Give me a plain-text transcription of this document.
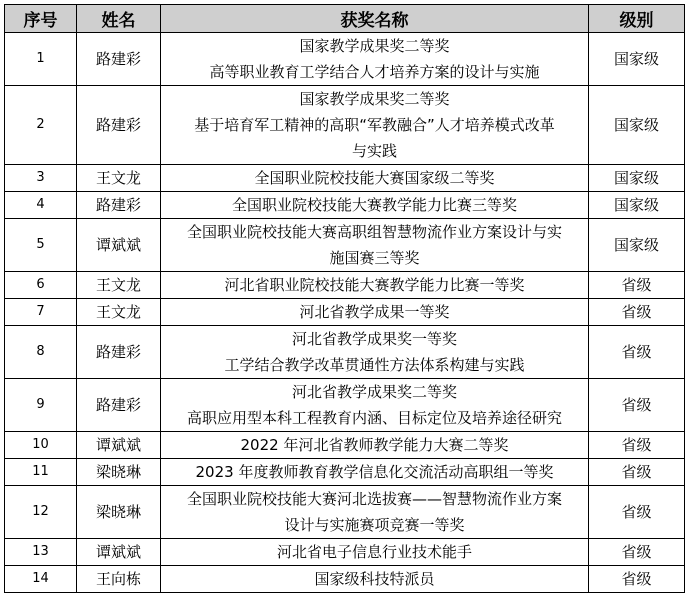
序号	姓名	获奖名称	级别
1	路建彩	国家教学成果奖二等奖
高等职业教育工学结合人才培养方案的设计与实施	国家级
2	路建彩	国家教学成果奖二等奖
基于培育军工精神的高职“军教融合”人才培养模式改革
与实践	国家级
3	王文龙	全国职业院校技能大赛国家级二等奖	国家级
4	路建彩	全国职业院校技能大赛教学能力比赛三等奖	国家级
5	谭斌斌	全国职业院校技能大赛高职组智慧物流作业方案设计与实
施国赛三等奖	国家级
6	王文龙	河北省职业院校技能大赛教学能力比赛一等奖	省级
7	王文龙	河北省教学成果一等奖	省级
8	路建彩	河北省教学成果奖一等奖
工学结合教学改革贯通性方法体系构建与实践	省级
9	路建彩	河北省教学成果奖二等奖
高职应用型本科工程教育内涵、目标定位及培养途径研究	省级
10	谭斌斌	2022 年河北省教师教学能力大赛二等奖	省级
11	梁晓琳	2023 年度教师教育教学信息化交流活动高职组一等奖	省级
12	梁晓琳	全国职业院校技能大赛河北选拔赛——智慧物流作业方案
设计与实施赛项竞赛一等奖	省级
13	谭斌斌	河北省电子信息行业技术能手	省级
14	王向栋	国家级科技特派员	省级
